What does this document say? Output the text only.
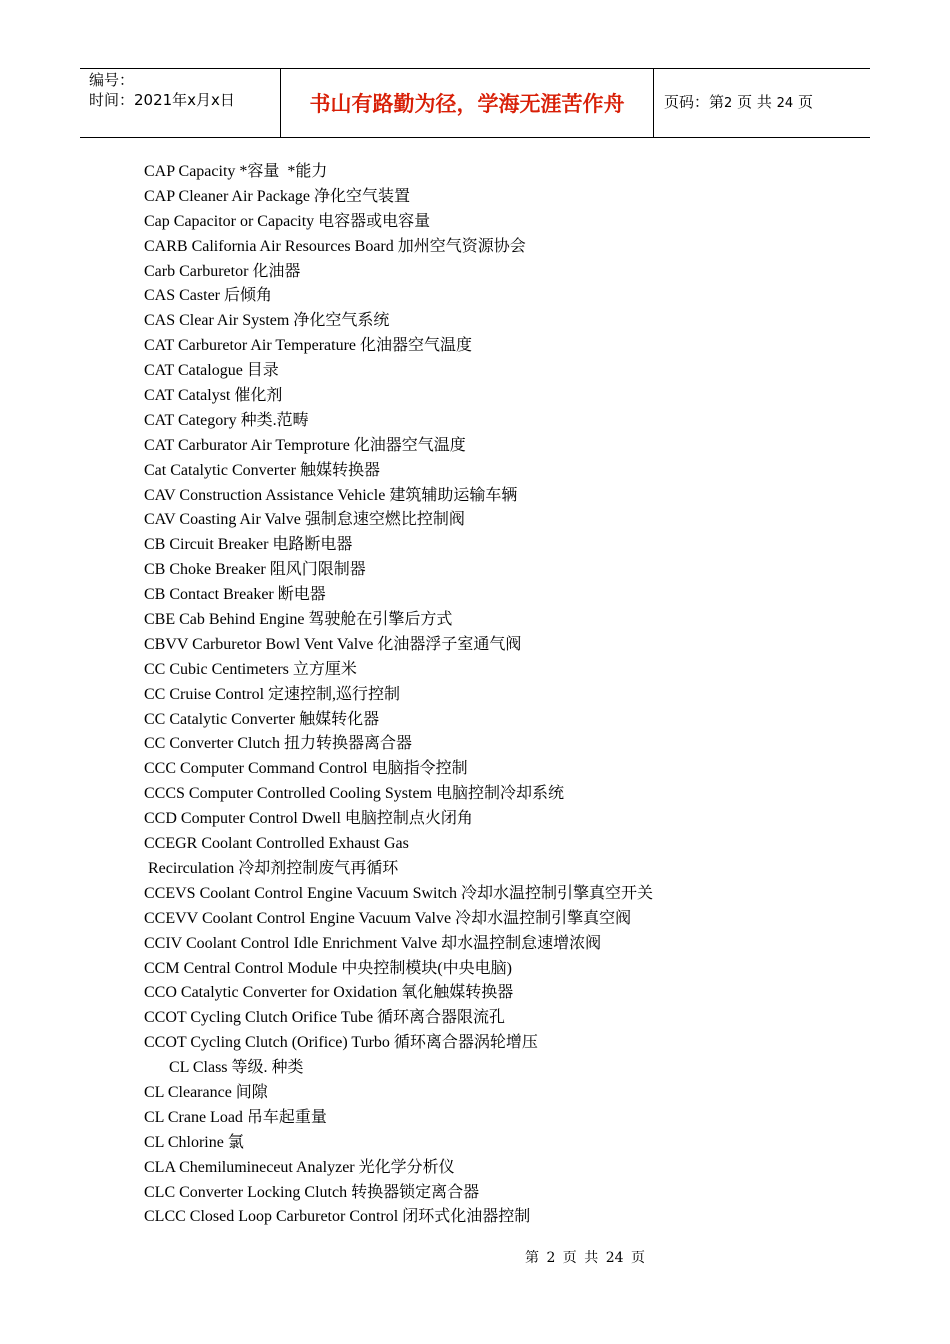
编号：
时间：2021年x月x日	书山有路勤为径，学海无涯苦作舟	页码：第2 页 共 24 页
CAP Capacity *容量  *能力
CAP Cleaner Air Package 净化空气装置
Cap Capacitor or Capacity 电容器或电容量
CARB California Air Resources Board 加州空气资源协会
Carb Carburetor 化油器
CAS Caster 后倾角
CAS Clear Air System 净化空气系统
CAT Carburetor Air Temperature 化油器空气温度
CAT Catalogue 目录
CAT Catalyst 催化剂
CAT Category 种类.范畴
CAT Carburator Air Temproture 化油器空气温度
Cat Catalytic Converter 触媒转换器
CAV Construction Assistance Vehicle 建筑辅助运输车辆
CAV Coasting Air Valve 强制怠速空燃比控制阀
CB Circuit Breaker 电路断电器
CB Choke Breaker 阻风门限制器
CB Contact Breaker 断电器
CBE Cab Behind Engine 驾驶舱在引擎后方式
CBVV Carburetor Bowl Vent Valve 化油器浮子室通气阀
CC Cubic Centimeters 立方厘米
CC Cruise Control 定速控制,巡行控制
CC Catalytic Converter 触媒转化器
CC Converter Clutch 扭力转换器离合器
CCC Computer Command Control 电脑指令控制
CCCS Computer Controlled Cooling System 电脑控制冷却系统
CCD Computer Control Dwell 电脑控制点火闭角
CCEGR Coolant Controlled Exhaust Gas
Recirculation 冷却剂控制废气再循环
CCEVS Coolant Control Engine Vacuum Switch 冷却水温控制引擎真空开关
CCEVV Coolant Control Engine Vacuum Valve 冷却水温控制引擎真空阀
CCIV Coolant Control Idle Enrichment Valve 却水温控制怠速增浓阀
CCM Central Control Module 中央控制模块(中央电脑)
CCO Catalytic Converter for Oxidation 氧化触媒转换器
CCOT Cycling Clutch Orifice Tube 循环离合器限流孔
CCOT Cycling Clutch (Orifice) Turbo 循环离合器涡轮增压
CL Class 等级. 种类
CL Clearance 间隙
CL Crane Load 吊车起重量
CL Chlorine 氯
CLA Chemilumineceut Analyzer 光化学分析仪
CLC Converter Locking Clutch 转换器锁定离合器
CLCC Closed Loop Carburetor Control 闭环式化油器控制
第 2 页 共 24 页
